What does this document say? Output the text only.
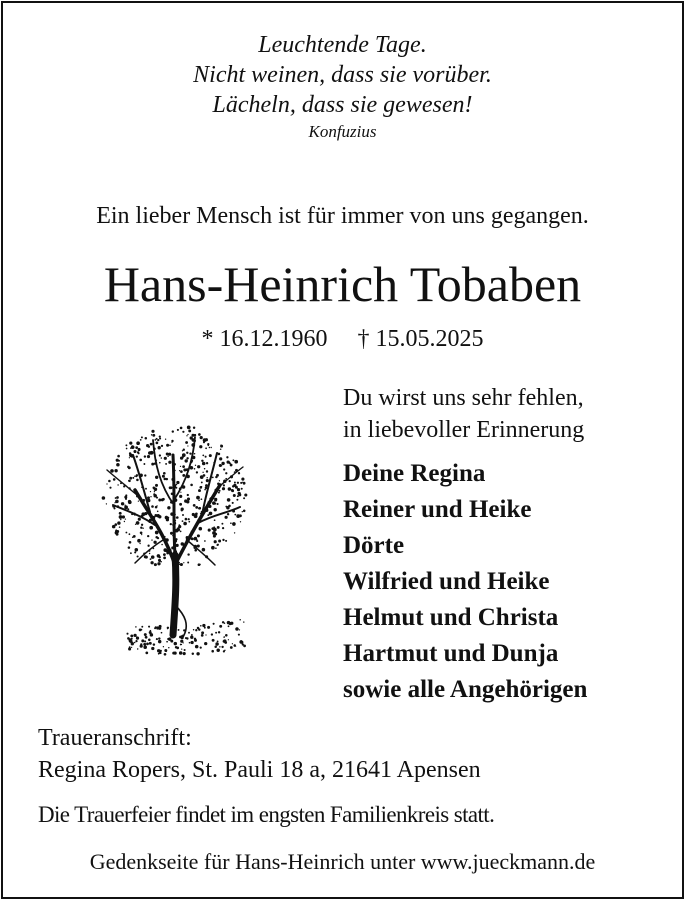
Leuchtende Tage.
Nicht weinen, dass sie vorüber.
Lächeln, dass sie gewesen!
Konfuzius
Ein lieber Mensch ist für immer von uns gegangen.
Hans-Heinrich Tobaben
* 16.12.1960 † 15.05.2025
Du wirst uns sehr fehlen,
in liebevoller Erinnerung
Deine Regina
Reiner und Heike
Dörte
Wilfried und Heike
Helmut und Christa
Hartmut und Dunja
sowie alle Angehörigen
Traueranschrift:
Regina Ropers, St. Pauli 18 a, 21641 Apensen
Die Trauerfeier findet im engsten Familienkreis statt.
Gedenkseite für Hans-Heinrich unter www.jueckmann.de
